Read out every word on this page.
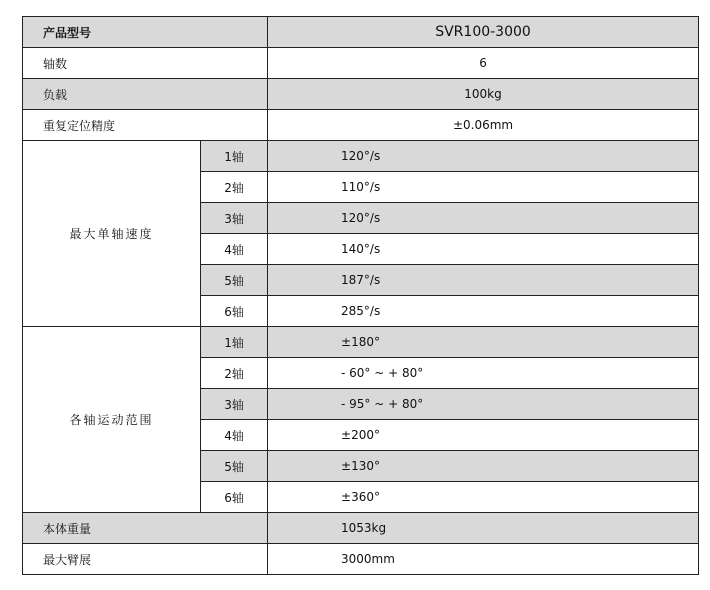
产品型号		SVR100-3000
轴数		6
负载		100kg
重复定位精度		±0.06mm
最大单轴速度	1轴	120°/s
	2轴	110°/s
	3轴	120°/s
	4轴	140°/s
	5轴	187°/s
	6轴	285°/s
各轴运动范围	1轴	±180°
	2轴	- 60° ~ + 80°
	3轴	- 95° ~ + 80°
	4轴	±200°
	5轴	±130°
	6轴	±360°
本体重量		1053kg
最大臂展		3000mm
